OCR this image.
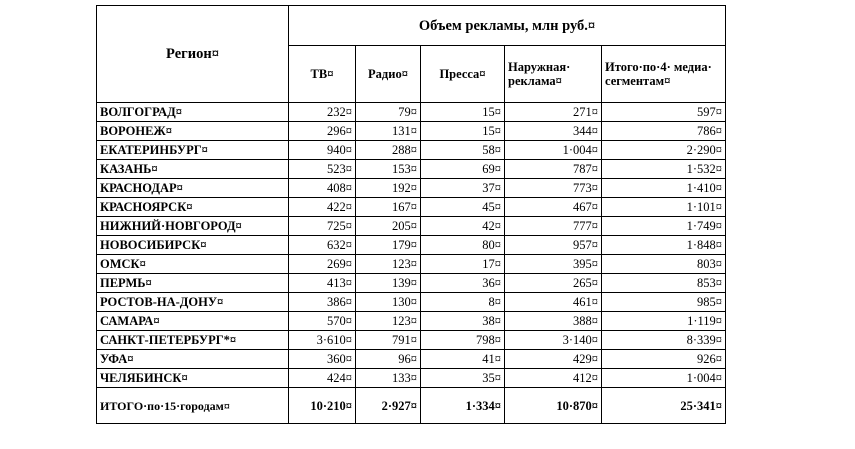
Регион¤	Объем рекламы, млн руб.¤				
	ТВ¤	Радио¤	Пресса¤	Наружная· реклама¤	Итого·по·4· медиа· сегментам¤
ВОЛГОГРАД¤	232¤	79¤	15¤	271¤	597¤
ВОРОНЕЖ¤	296¤	131¤	15¤	344¤	786¤
ЕКАТЕРИНБУРГ¤	940¤	288¤	58¤	1·004¤	2·290¤
КАЗАНЬ¤	523¤	153¤	69¤	787¤	1·532¤
КРАСНОДАР¤	408¤	192¤	37¤	773¤	1·410¤
КРАСНОЯРСК¤	422¤	167¤	45¤	467¤	1·101¤
НИЖНИЙ·НОВГОРОД¤	725¤	205¤	42¤	777¤	1·749¤
НОВОСИБИРСК¤	632¤	179¤	80¤	957¤	1·848¤
ОМСК¤	269¤	123¤	17¤	395¤	803¤
ПЕРМЬ¤	413¤	139¤	36¤	265¤	853¤
РОСТОВ-НА-ДОНУ¤	386¤	130¤	8¤	461¤	985¤
САМАРА¤	570¤	123¤	38¤	388¤	1·119¤
САНКТ-ПЕТЕРБУРГ*¤	3·610¤	791¤	798¤	3·140¤	8·339¤
УФА¤	360¤	96¤	41¤	429¤	926¤
ЧЕЛЯБИНСК¤	424¤	133¤	35¤	412¤	1·004¤
ИТОГО·по·15·городам¤	10·210¤	2·927¤	1·334¤	10·870¤	25·341¤
